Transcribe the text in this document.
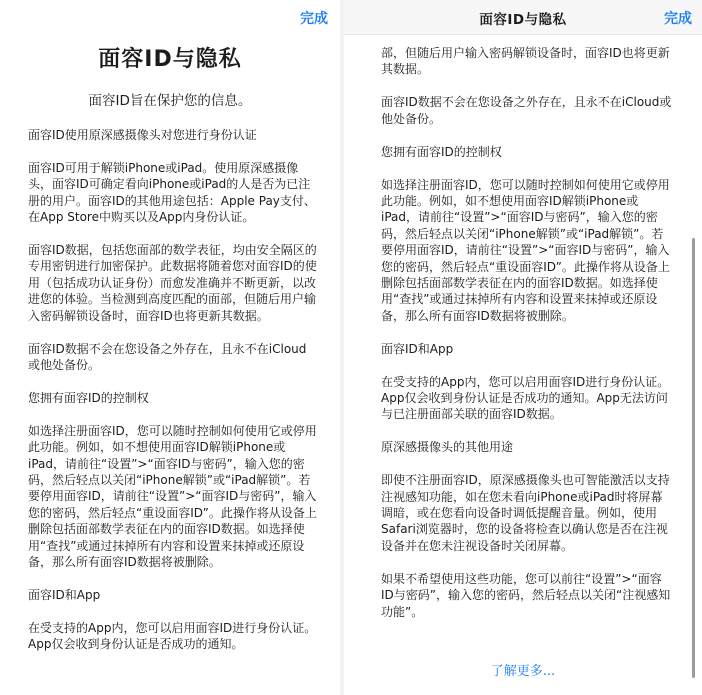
完成
面容ID与隐私
面容ID旨在保护您的信息。

面容ID使用原深感摄像头对您进行身份认证

面容ID可用于解锁iPhone或iPad。使用原深感摄像头，面容ID可确定看向iPhone或iPad的人是否为已注册的用户。面容ID的其他用途包括：Apple Pay支付、在App Store中购买以及App内身份认证。

面容ID数据，包括您面部的数学表征，均由安全隔区的专用密钥进行加密保护。此数据将随着您对面容ID的使用（包括成功认证身份）而愈发准确并不断更新，以改进您的体验。当检测到高度匹配的面部，但随后用户输入密码解锁设备时，面容ID也将更新其数据。

面容ID数据不会在您设备之外存在，且永不在iCloud或他处备份。

您拥有面容ID的控制权

如选择注册面容ID，您可以随时控制如何使用它或停用此功能。例如，如不想使用面容ID解锁iPhone或iPad，请前往“设置”>“面容ID与密码”，输入您的密码，然后轻点以关闭“iPhone解锁”或“iPad解锁”。若要停用面容ID，请前往“设置”>“面容ID与密码”，输入您的密码，然后轻点“重设面容ID”。此操作将从设备上删除包括面部数学表征在内的面容ID数据。如选择使用“查找”或通过抹掉所有内容和设置来抹掉或还原设备，那么所有面容ID数据将被删除。

面容ID和App

在受支持的App内，您可以启用面容ID进行身份认证。App仅会收到身份认证是否成功的通知。

部，但随后用户输入密码解锁设备时，面容ID也将更新其数据。

面容ID数据不会在您设备之外存在，且永不在iCloud或他处备份。

您拥有面容ID的控制权

如选择注册面容ID，您可以随时控制如何使用它或停用此功能。例如，如不想使用面容ID解锁iPhone或iPad，请前往“设置”>“面容ID与密码”，输入您的密码，然后轻点以关闭“iPhone解锁”或“iPad解锁”。若要停用面容ID，请前往“设置”>“面容ID与密码”，输入您的密码，然后轻点“重设面容ID”。此操作将从设备上删除包括面部数学表征在内的面容ID数据。如选择使用“查找”或通过抹掉所有内容和设置来抹掉或还原设备，那么所有面容ID数据将被删除。

面容ID和App

在受支持的App内，您可以启用面容ID进行身份认证。App仅会收到身份认证是否成功的通知。App无法访问与已注册面部关联的面容ID数据。

原深感摄像头的其他用途

即使不注册面容ID，原深感摄像头也可智能激活以支持注视感知功能，如在您未看向iPhone或iPad时将屏幕调暗，或在您看向设备时调低提醒音量。例如，使用Safari浏览器时，您的设备将检查以确认您是否在注视设备并在您未注视设备时关闭屏幕。

如果不希望使用这些功能，您可以前往“设置”>“面容ID与密码”，输入您的密码，然后轻点以关闭“注视感知功能”。

了解更多...
面容ID与隐私	完成
